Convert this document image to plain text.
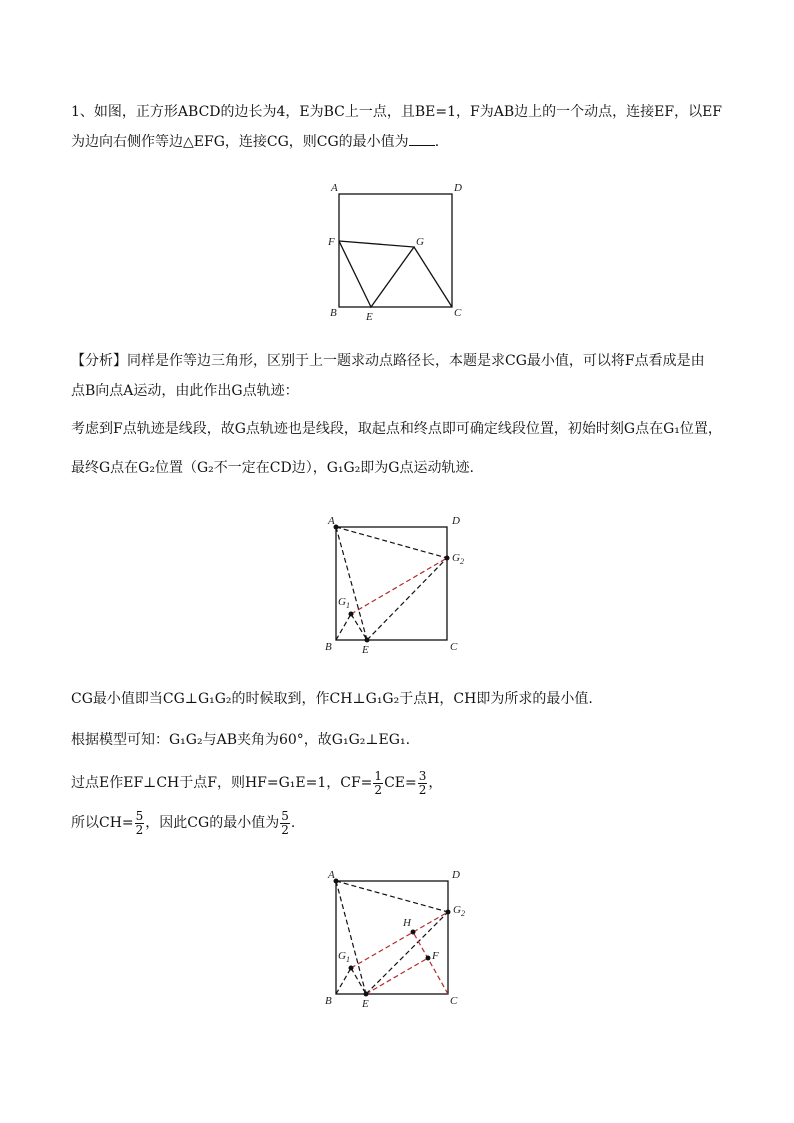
1、如图，正方形ABCD的边长为4，E为BC上一点，且BE=1，F为AB边上的一个动点，连接EF，以EF
为边向右侧作等边△EFG，连接CG，则CG的最小值为 .
A	D
B	C
E
F	G
【分析】同样是作等边三角形，区别于上一题求动点路径长，本题是求CG最小值，可以将F点看成是由
点B向点A运动，由此作出G点轨迹：
考虑到F点轨迹是线段，故G点轨迹也是线段，取起点和终点即可确定线段位置，初始时刻G点在G₁位置，
最终G点在G₂位置（G₂不一定在CD边），G₁G₂即为G点运动轨迹.
A	D
B	C
E
$G_2$
$G_1$
CG最小值即当CG⊥G₁G₂的时候取到，作CH⊥G₁G₂于点H，CH即为所求的最小值.
根据模型可知：G₁G₂与AB夹角为60°，故G₁G₂⊥EG₁.
过点E作EF⊥CH于点F，则HF=G₁E=1，$CF= \frac{1}{2} CE= \frac{3}{2}$ ，
所以$CH= \frac{5}{2}$ ，因此CG的最小值为 $\frac{5}{2}$ .
A	D
B	C
E
$G_2$
$G_1$
H
F
